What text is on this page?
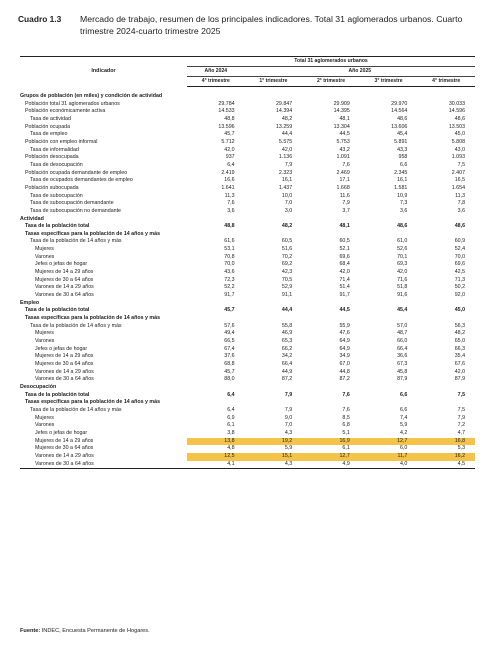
Cuadro 1.3 Mercado de trabajo, resumen de los principales indicadores. Total 31 aglomerados urbanos. Cuarto trimestre 2024-cuarto trimestre 2025
Indicador	Total 31 aglomerados urbanos				
	Año 2024	Año 2025			
	4° trimestre	1° trimestre	2° trimestre	3° trimestre	4° trimestre

Grupos de población (en miles) y condición de actividad					
Población total 31 aglomerados urbanos	29.784	29.847	29.909	29.970	30.033
Población económicamente activa	14.533	14.394	14.395	14.564	14.596
Tasa de actividad	48,8	48,2	48,1	48,6	48,6
Población ocupada	13.596	13.259	13.304	13.606	13.503
Tasa de empleo	45,7	44,4	44,5	45,4	45,0
Población con empleo informal	5.712	5.575	5.753	5.891	5.808
Tasa de informalidad	42,0	42,0	43,2	43,3	43,0
Población desocupada	937	1.136	1.091	958	1.093
Tasa de desocupación	6,4	7,9	7,6	6,6	7,5
Población ocupada demandante de empleo	2.419	2.323	2.469	2.345	2.407
Tasa de ocupados demandantes de empleo	16,6	16,1	17,1	16,1	16,5
Población subocupada	1.641	1.437	1.668	1.581	1.654
Tasa de subocupación	11,3	10,0	11,6	10,9	11,3
Tasa de subocupación demandante	7,6	7,0	7,9	7,3	7,8
Tasa de subocupación no demandante	3,6	3,0	3,7	3,6	3,6
Actividad					
Tasa de la población total	48,8	48,2	48,1	48,6	48,6
Tasas específicas para la población de 14 años y más					
Tasa de la población de 14 años y más	61,6	60,5	60,5	61,0	60,9
Mujeres	53,1	51,6	52,1	52,6	52,4
Varones	70,8	70,2	69,6	70,1	70,0
Jefes o jefas de hogar	70,0	69,2	68,4	69,3	69,6
Mujeres de 14 a 29 años	43,6	42,3	42,0	42,0	42,5
Mujeres de 30 a 64 años	72,3	70,5	71,4	71,6	71,3
Varones de 14 a 29 años	52,2	52,9	51,4	51,8	50,2
Varones de 30 a 64 años	91,7	91,1	91,7	91,6	92,0
Empleo					
Tasa de la población total	45,7	44,4	44,5	45,4	45,0
Tasas específicas para la población de 14 años y más					
Tasa de la población de 14 años y más	57,6	55,8	55,9	57,0	56,3
Mujeres	49,4	46,9	47,6	48,7	48,2
Varones	66,5	65,3	64,9	66,0	65,0
Jefes o jefas de hogar	67,4	66,2	64,9	66,4	66,3
Mujeres de 14 a 29 años	37,6	34,2	34,9	36,6	35,4
Mujeres de 30 a 64 años	68,8	66,4	67,0	67,3	67,6
Varones de 14 a 29 años	45,7	44,9	44,8	45,8	42,0
Varones de 30 a 64 años	88,0	87,2	87,2	87,9	87,9
Desocupación					
Tasa de la población total	6,4	7,9	7,6	6,6	7,5
Tasas específicas para la población de 14 años y más					
Tasa de la población de 14 años y más	6,4	7,9	7,6	6,6	7,5
Mujeres	6,9	9,0	8,5	7,4	7,9
Varones	6,1	7,0	6,8	5,9	7,2
Jefes o jefas de hogar	3,8	4,3	5,1	4,2	4,7
Mujeres de 14 a 29 años	13,8	19,2	16,9	12,7	16,8
Mujeres de 30 a 64 años	4,8	5,9	6,1	6,0	5,3
Varones de 14 a 29 años	12,5	15,1	12,7	11,7	16,2
Varones de 30 a 64 años	4,1	4,3	4,9	4,0	4,5
Fuente: INDEC, Encuesta Permanente de Hogares.
